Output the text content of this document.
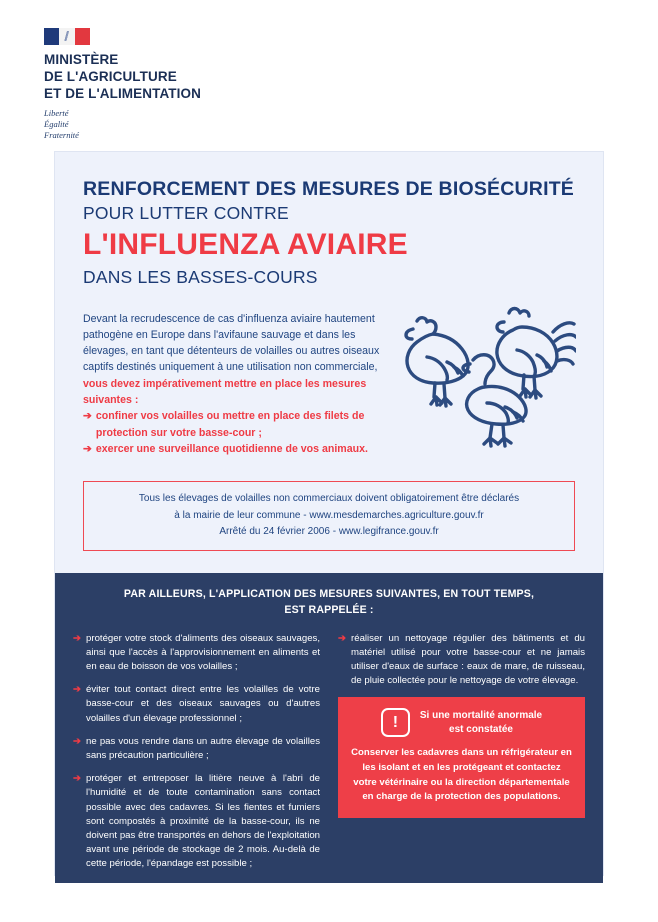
MINISTÈRE
DE L'AGRICULTURE
ET DE L'ALIMENTATION
Liberté
Égalité
Fraternité
RENFORCEMENT DES MESURES DE BIOSÉCURITÉ
POUR LUTTER CONTRE
L'INFLUENZA AVIAIRE
DANS LES BASSES-COURS
Devant la recrudescence de cas d'influenza aviaire hautement pathogène en Europe dans l'avifaune sauvage et dans les élevages, en tant que détenteurs de volailles ou autres oiseaux captifs destinés uniquement à une utilisation non commerciale, vous devez impérativement mettre en place les mesures suivantes :
➔ confiner vos volailles ou mettre en place des filets de protection sur votre basse-cour ;
➔ exercer une surveillance quotidienne de vos animaux.
Tous les élevages de volailles non commerciaux doivent obligatoirement être déclarés
à la mairie de leur commune - www.mesdemarches.agriculture.gouv.fr
Arrêté du 24 février 2006 - www.legifrance.gouv.fr
PAR AILLEURS, L'APPLICATION DES MESURES SUIVANTES, EN TOUT TEMPS,
EST RAPPELÉE :
➔ protéger votre stock d'aliments des oiseaux sauvages, ainsi que l'accès à l'approvisionnement en aliments et en eau de boisson de vos volailles ;
➔ éviter tout contact direct entre les volailles de votre basse-cour et des oiseaux sauvages ou d'autres volailles d'un élevage professionnel ;
➔ ne pas vous rendre dans un autre élevage de volailles sans précaution particulière ;
➔ protéger et entreposer la litière neuve à l'abri de l'humidité et de toute contamination sans contact possible avec des cadavres. Si les fientes et fumiers sont compostés à proximité de la basse-cour, ils ne doivent pas être transportés en dehors de l'exploitation avant une période de stockage de 2 mois. Au-delà de cette période, l'épandage est possible ;
➔ réaliser un nettoyage régulier des bâtiments et du matériel utilisé pour votre basse-cour et ne jamais utiliser d'eaux de surface : eaux de mare, de ruisseau, de pluie collectée pour le nettoyage de votre élevage.
!	Si une mortalité anormale
est constatée
Conserver les cadavres dans un réfrigérateur en les isolant et en les protégeant et contactez votre vétérinaire ou la direction départementale en charge de la protection des populations.
➔ http://agriculture.gouv.fr/influenza-aviaire-strategie-de-gestion-dune-crise-sanitaire
